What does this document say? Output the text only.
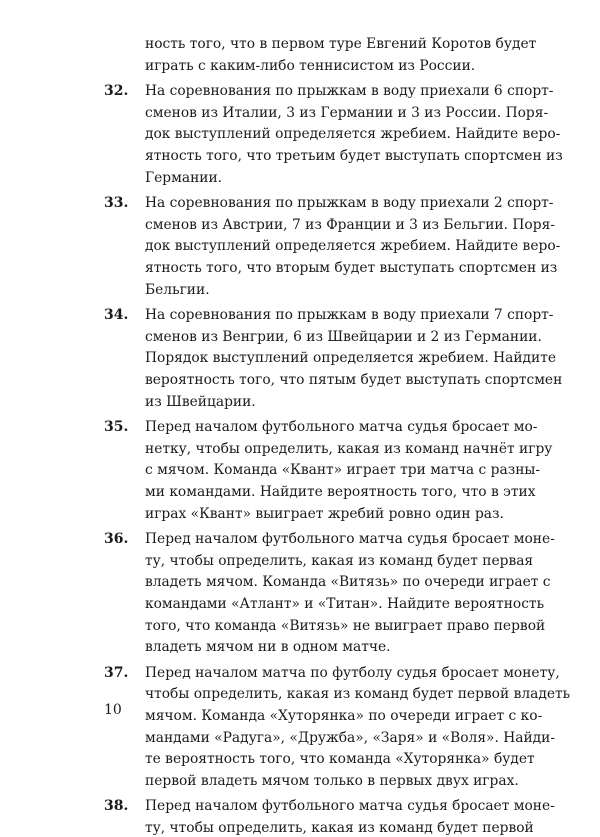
ность того, что в первом туре Евгений Коротов будет
играть с каким-либо теннисистом из России.
32. На соревнования по прыжкам в воду приехали 6 спорт-
сменов из Италии, 3 из Германии и 3 из России. Поря-
док выступлений определяется жребием. Найдите веро-
ятность того, что третьим будет выступать спортсмен из
Германии.
33. На соревнования по прыжкам в воду приехали 2 спорт-
сменов из Австрии, 7 из Франции и 3 из Бельгии. Поря-
док выступлений определяется жребием. Найдите веро-
ятность того, что вторым будет выступать спортсмен из
Бельгии.
34. На соревнования по прыжкам в воду приехали 7 спорт-
сменов из Венгрии, 6 из Швейцарии и 2 из Германии.
Порядок выступлений определяется жребием. Найдите
вероятность того, что пятым будет выступать спортсмен
из Швейцарии.
35. Перед началом футбольного матча судья бросает мо-
нетку, чтобы определить, какая из команд начнёт игру
с мячом. Команда «Квант» играет три матча с разны-
ми командами. Найдите вероятность того, что в этих
играх «Квант» выиграет жребий ровно один раз.
36. Перед началом футбольного матча судья бросает моне-
ту, чтобы определить, какая из команд будет первая
владеть мячом. Команда «Витязь» по очереди играет с
командами «Атлант» и «Титан». Найдите вероятность
того, что команда «Витязь» не выиграет право первой
владеть мячом ни в одном матче.
37. Перед началом матча по футболу судья бросает монету,
чтобы определить, какая из команд будет первой владеть
мячом. Команда «Хуторянка» по очереди играет с ко-
мандами «Радуга», «Дружба», «Заря» и «Воля». Найди-
те вероятность того, что команда «Хуторянка» будет
первой владеть мячом только в первых двух играх.
38. Перед началом футбольного матча судья бросает моне-
ту, чтобы определить, какая из команд будет первой
10
